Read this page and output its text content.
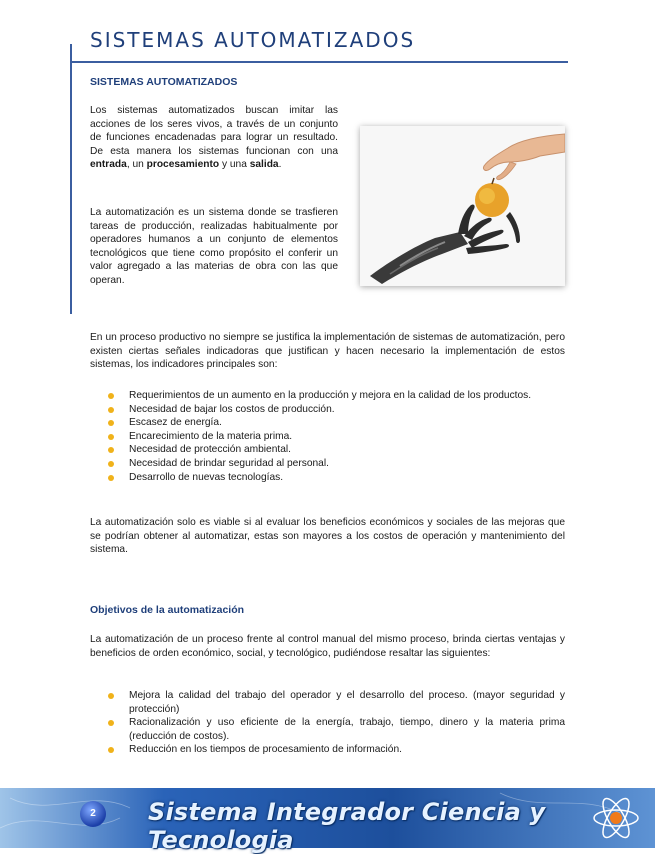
SISTEMAS AUTOMATIZADOS
SISTEMAS AUTOMATIZADOS

Los sistemas automatizados buscan imitar las acciones de los seres vivos, a través de un conjunto de funciones encadenadas para lograr un resultado. De esta manera los sistemas funcionan con una entrada, un procesamiento y una salida.

La automatización es un sistema donde se trasfieren tareas de producción, realizadas habitualmente por operadores humanos a un conjunto de elementos tecnológicos que tiene como propósito el conferir un valor agregado a las materias de obra con las que operan.

En un proceso productivo no siempre se justifica la implementación de sistemas de automatización, pero existen ciertas señales indicadoras que justifican y hacen necesario la implementación de estos sistemas, los indicadores principales son:

Requerimientos de un aumento en la producción y mejora en la calidad de los productos.
Necesidad de bajar los costos de producción.
Escasez de energía.
Encarecimiento de la materia prima.
Necesidad de protección ambiental.
Necesidad de brindar seguridad al personal.
Desarrollo de nuevas tecnologías.

La automatización solo es viable si al evaluar los beneficios económicos y sociales de las mejoras que se podrían obtener al automatizar, estas son mayores a los costos de operación y mantenimiento del sistema.

Objetivos de la automatización

La automatización de un proceso frente al control manual del mismo proceso, brinda ciertas ventajas y beneficios de orden económico, social, y tecnológico, pudiéndose resaltar las siguientes:

Mejora la calidad del trabajo del operador y el desarrollo del proceso. (mayor seguridad y protección)
Racionalización y uso eficiente de la energía, trabajo, tiempo, dinero y la materia prima (reducción de costos).
Reducción en los tiempos de procesamiento de información.
2	Sistema Integrador Ciencia y Tecnologia
